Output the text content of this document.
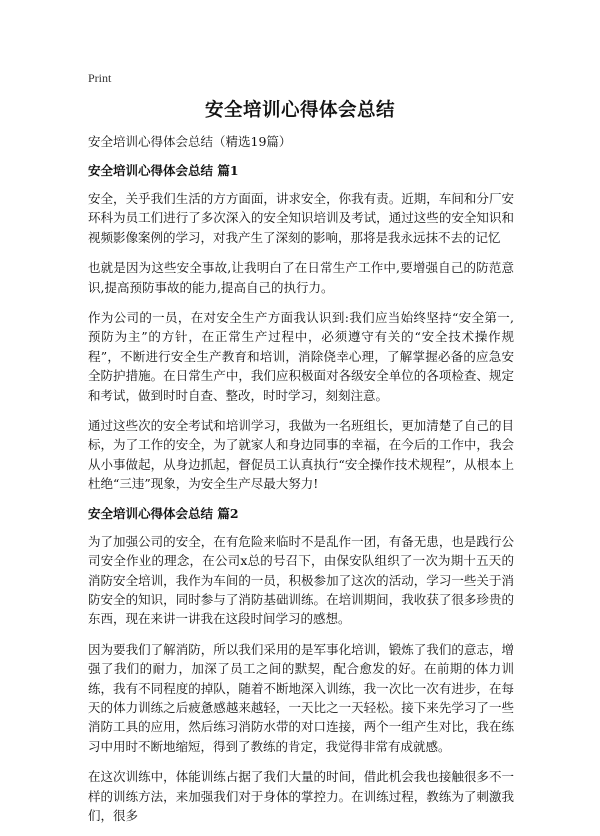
Print
安全培训心得体会总结

安全培训心得体会总结（精选19篇）

安全培训心得体会总结 篇1

安全，关乎我们生活的方方面面，讲求安全，你我有责。近期，车间和分厂安环科为员工们进行了多次深入的安全知识培训及考试，通过这些的安全知识和视频影像案例的学习，对我产生了深刻的影响，那将是我永远抹不去的记忆

也就是因为这些安全事故,让我明白了在日常生产工作中,要增强自己的防范意识,提高预防事故的能力,提高自己的执行力。

作为公司的一员，在对安全生产方面我认识到:我们应当始终坚持“安全第一,预防为主”的方针，在正常生产过程中，必须遵守有关的“安全技术操作规程”，不断进行安全生产教育和培训，消除侥幸心理，了解掌握必备的应急安全防护措施。在日常生产中，我们应积极面对各级安全单位的各项检查、规定和考试，做到时时自查、整改，时时学习，刻刻注意。

通过这些次的安全考试和培训学习，我做为一名班组长，更加清楚了自己的目标，为了工作的安全，为了就家人和身边同事的幸福，在今后的工作中，我会从小事做起，从身边抓起，督促员工认真执行“安全操作技术规程”，从根本上杜绝“三违”现象，为安全生产尽最大努力!

安全培训心得体会总结 篇2

为了加强公司的安全，在有危险来临时不是乱作一团，有备无患，也是践行公司安全作业的理念，在公司x总的号召下，由保安队组织了一次为期十五天的消防安全培训，我作为车间的一员，积极参加了这次的活动，学习一些关于消防安全的知识，同时参与了消防基础训练。在培训期间，我收获了很多珍贵的东西，现在来讲一讲我在这段时间学习的感想。

因为要我们了解消防，所以我们采用的是军事化培训，锻炼了我们的意志，增强了我们的耐力，加深了员工之间的默契，配合愈发的好。在前期的体力训练，我有不同程度的掉队，随着不断地深入训练，我一次比一次有进步，在每天的体力训练之后疲惫感越来越轻，一天比之一天轻松。接下来先学习了一些消防工具的应用，然后练习消防水带的对口连接，两个一组产生对比，我在练习中用时不断地缩短，得到了教练的肯定，我觉得非常有成就感。

在这次训练中，体能训练占据了我们大量的时间，借此机会我也接触很多不一样的训练方法，来加强我们对于身体的掌控力。在训练过程，教练为了刺激我们，很多
